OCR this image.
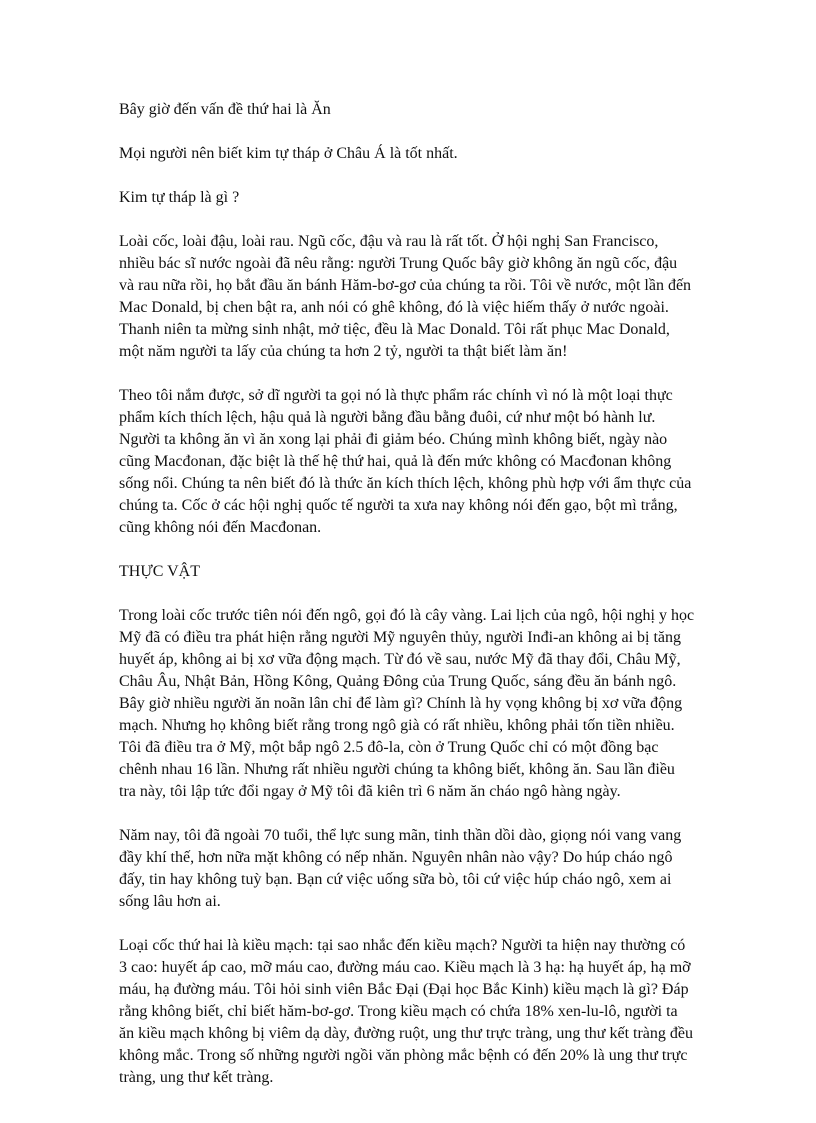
Bây giờ đến vấn đề thứ hai là Ăn

Mọi người nên biết kim tự tháp ở Châu Á là tốt nhất.

Kim tự tháp là gì ?

Loài cốc, loài đậu, loài rau. Ngũ cốc, đậu và rau là rất tốt. Ở hội nghị San Francisco,
nhiều bác sĩ nước ngoài đã nêu rằng: người Trung Quốc bây giờ không ăn ngũ cốc, đậu
và rau nữa rồi, họ bắt đầu ăn bánh Hăm-bơ-gơ của chúng ta rồi. Tôi về nước, một lần đến
Mac Donald, bị chen bật ra, anh nói có ghê không, đó là việc hiếm thấy ở nước ngoài.
Thanh niên ta mừng sinh nhật, mở tiệc, đều là Mac Donald. Tôi rất phục Mac Donald,
một năm người ta lấy của chúng ta hơn 2 tỷ, người ta thật biết làm ăn!

Theo tôi nắm được, sở dĩ người ta gọi nó là thực phẩm rác chính vì nó là một loại thực
phẩm kích thích lệch, hậu quả là người bằng đầu bằng đuôi, cứ như một bó hành lư.
Người ta không ăn vì ăn xong lại phải đi giảm béo. Chúng mình không biết, ngày nào
cũng Macđonan, đặc biệt là thế hệ thứ hai, quả là đến mức không có Macđonan không
sống nổi. Chúng ta nên biết đó là thức ăn kích thích lệch, không phù hợp với ẩm thực của
chúng ta. Cốc ở các hội nghị quốc tế người ta xưa nay không nói đến gạo, bột mì trắng,
cũng không nói đến Macđonan.

THỰC VẬT

Trong loài cốc trước tiên nói đến ngô, gọi đó là cây vàng. Lai lịch của ngô, hội nghị y học
Mỹ đã có điều tra phát hiện rằng người Mỹ nguyên thủy, người Inđi-an không ai bị tăng
huyết áp, không ai bị xơ vữa động mạch. Từ đó về sau, nước Mỹ đã thay đổi, Châu Mỹ,
Châu Âu, Nhật Bản, Hồng Kông, Quảng Đông của Trung Quốc, sáng đều ăn bánh ngô.
Bây giờ nhiều người ăn noãn lân chỉ để làm gì? Chính là hy vọng không bị xơ vữa động
mạch. Nhưng họ không biết rằng trong ngô già có rất nhiều, không phải tốn tiền nhiều.
Tôi đã điều tra ở Mỹ, một bắp ngô 2.5 đô-la, còn ở Trung Quốc chỉ có một đồng bạc
chênh nhau 16 lần. Nhưng rất nhiều người chúng ta không biết, không ăn. Sau lần điều
tra này, tôi lập tức đổi ngay ở Mỹ tôi đã kiên trì 6 năm ăn cháo ngô hàng ngày.

Năm nay, tôi đã ngoài 70 tuổi, thể lực sung mãn, tinh thần dồi dào, giọng nói vang vang
đầy khí thế, hơn nữa mặt không có nếp nhăn. Nguyên nhân nào vậy? Do húp cháo ngô
đấy, tin hay không tuỳ bạn. Bạn cứ việc uống sữa bò, tôi cứ việc húp cháo ngô, xem ai
sống lâu hơn ai.

Loại cốc thứ hai là kiều mạch: tại sao nhắc đến kiều mạch? Người ta hiện nay thường có
3 cao: huyết áp cao, mỡ máu cao, đường máu cao. Kiều mạch là 3 hạ: hạ huyết áp, hạ mỡ
máu, hạ đường máu. Tôi hỏi sinh viên Bắc Đại (Đại học Bắc Kinh) kiều mạch là gì? Đáp
rằng không biết, chỉ biết hăm-bơ-gơ. Trong kiều mạch có chứa 18% xen-lu-lô, người ta
ăn kiều mạch không bị viêm dạ dày, đường ruột, ung thư trực tràng, ung thư kết tràng đều
không mắc. Trong số những người ngồi văn phòng mắc bệnh có đến 20% là ung thư trực
tràng, ung thư kết tràng.
